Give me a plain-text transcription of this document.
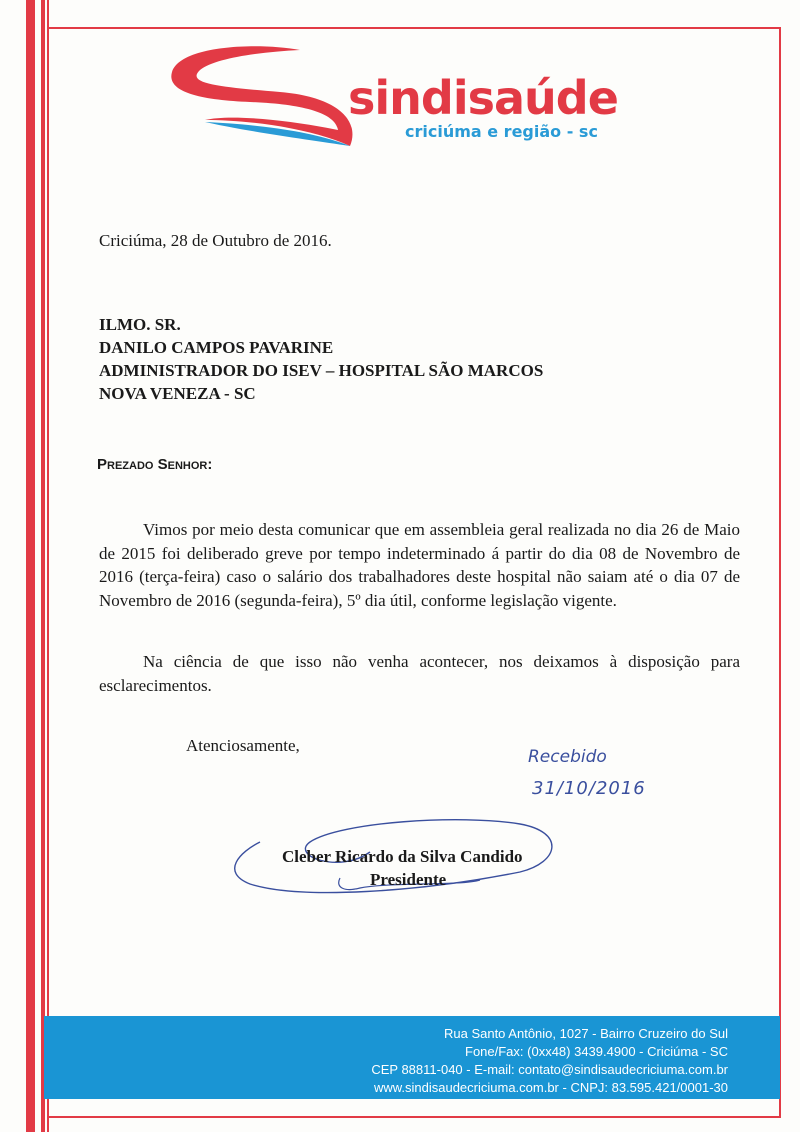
sindisaúde
criciúma e região - sc
Criciúma, 28 de Outubro de 2016.
ILMO. SR.
DANILO CAMPOS PAVARINE
ADMINISTRADOR DO ISEV – HOSPITAL SÃO MARCOS
NOVA VENEZA - SC
Prezado Senhor:
Vimos por meio desta comunicar que em assembleia geral realizada no dia 26 de Maio de 2015 foi deliberado greve por tempo indeterminado á partir do dia 08 de Novembro de 2016 (terça-feira) caso o salário dos trabalhadores deste hospital não saiam até o dia 07 de Novembro de 2016 (segunda-feira), 5º dia útil, conforme legislação vigente.
Na ciência de que isso não venha acontecer, nos deixamos à disposição para esclarecimentos.
Atenciosamente,
Recebido
31/10/2016
Cleber Ricardo da Silva Candido
Presidente
Rua Santo Antônio, 1027 - Bairro Cruzeiro do Sul
Fone/Fax: (0xx48) 3439.4900 - Criciúma - SC
CEP 88811-040 - E-mail: contato@sindisaudecriciuma.com.br
www.sindisaudecriciuma.com.br - CNPJ: 83.595.421/0001-30
